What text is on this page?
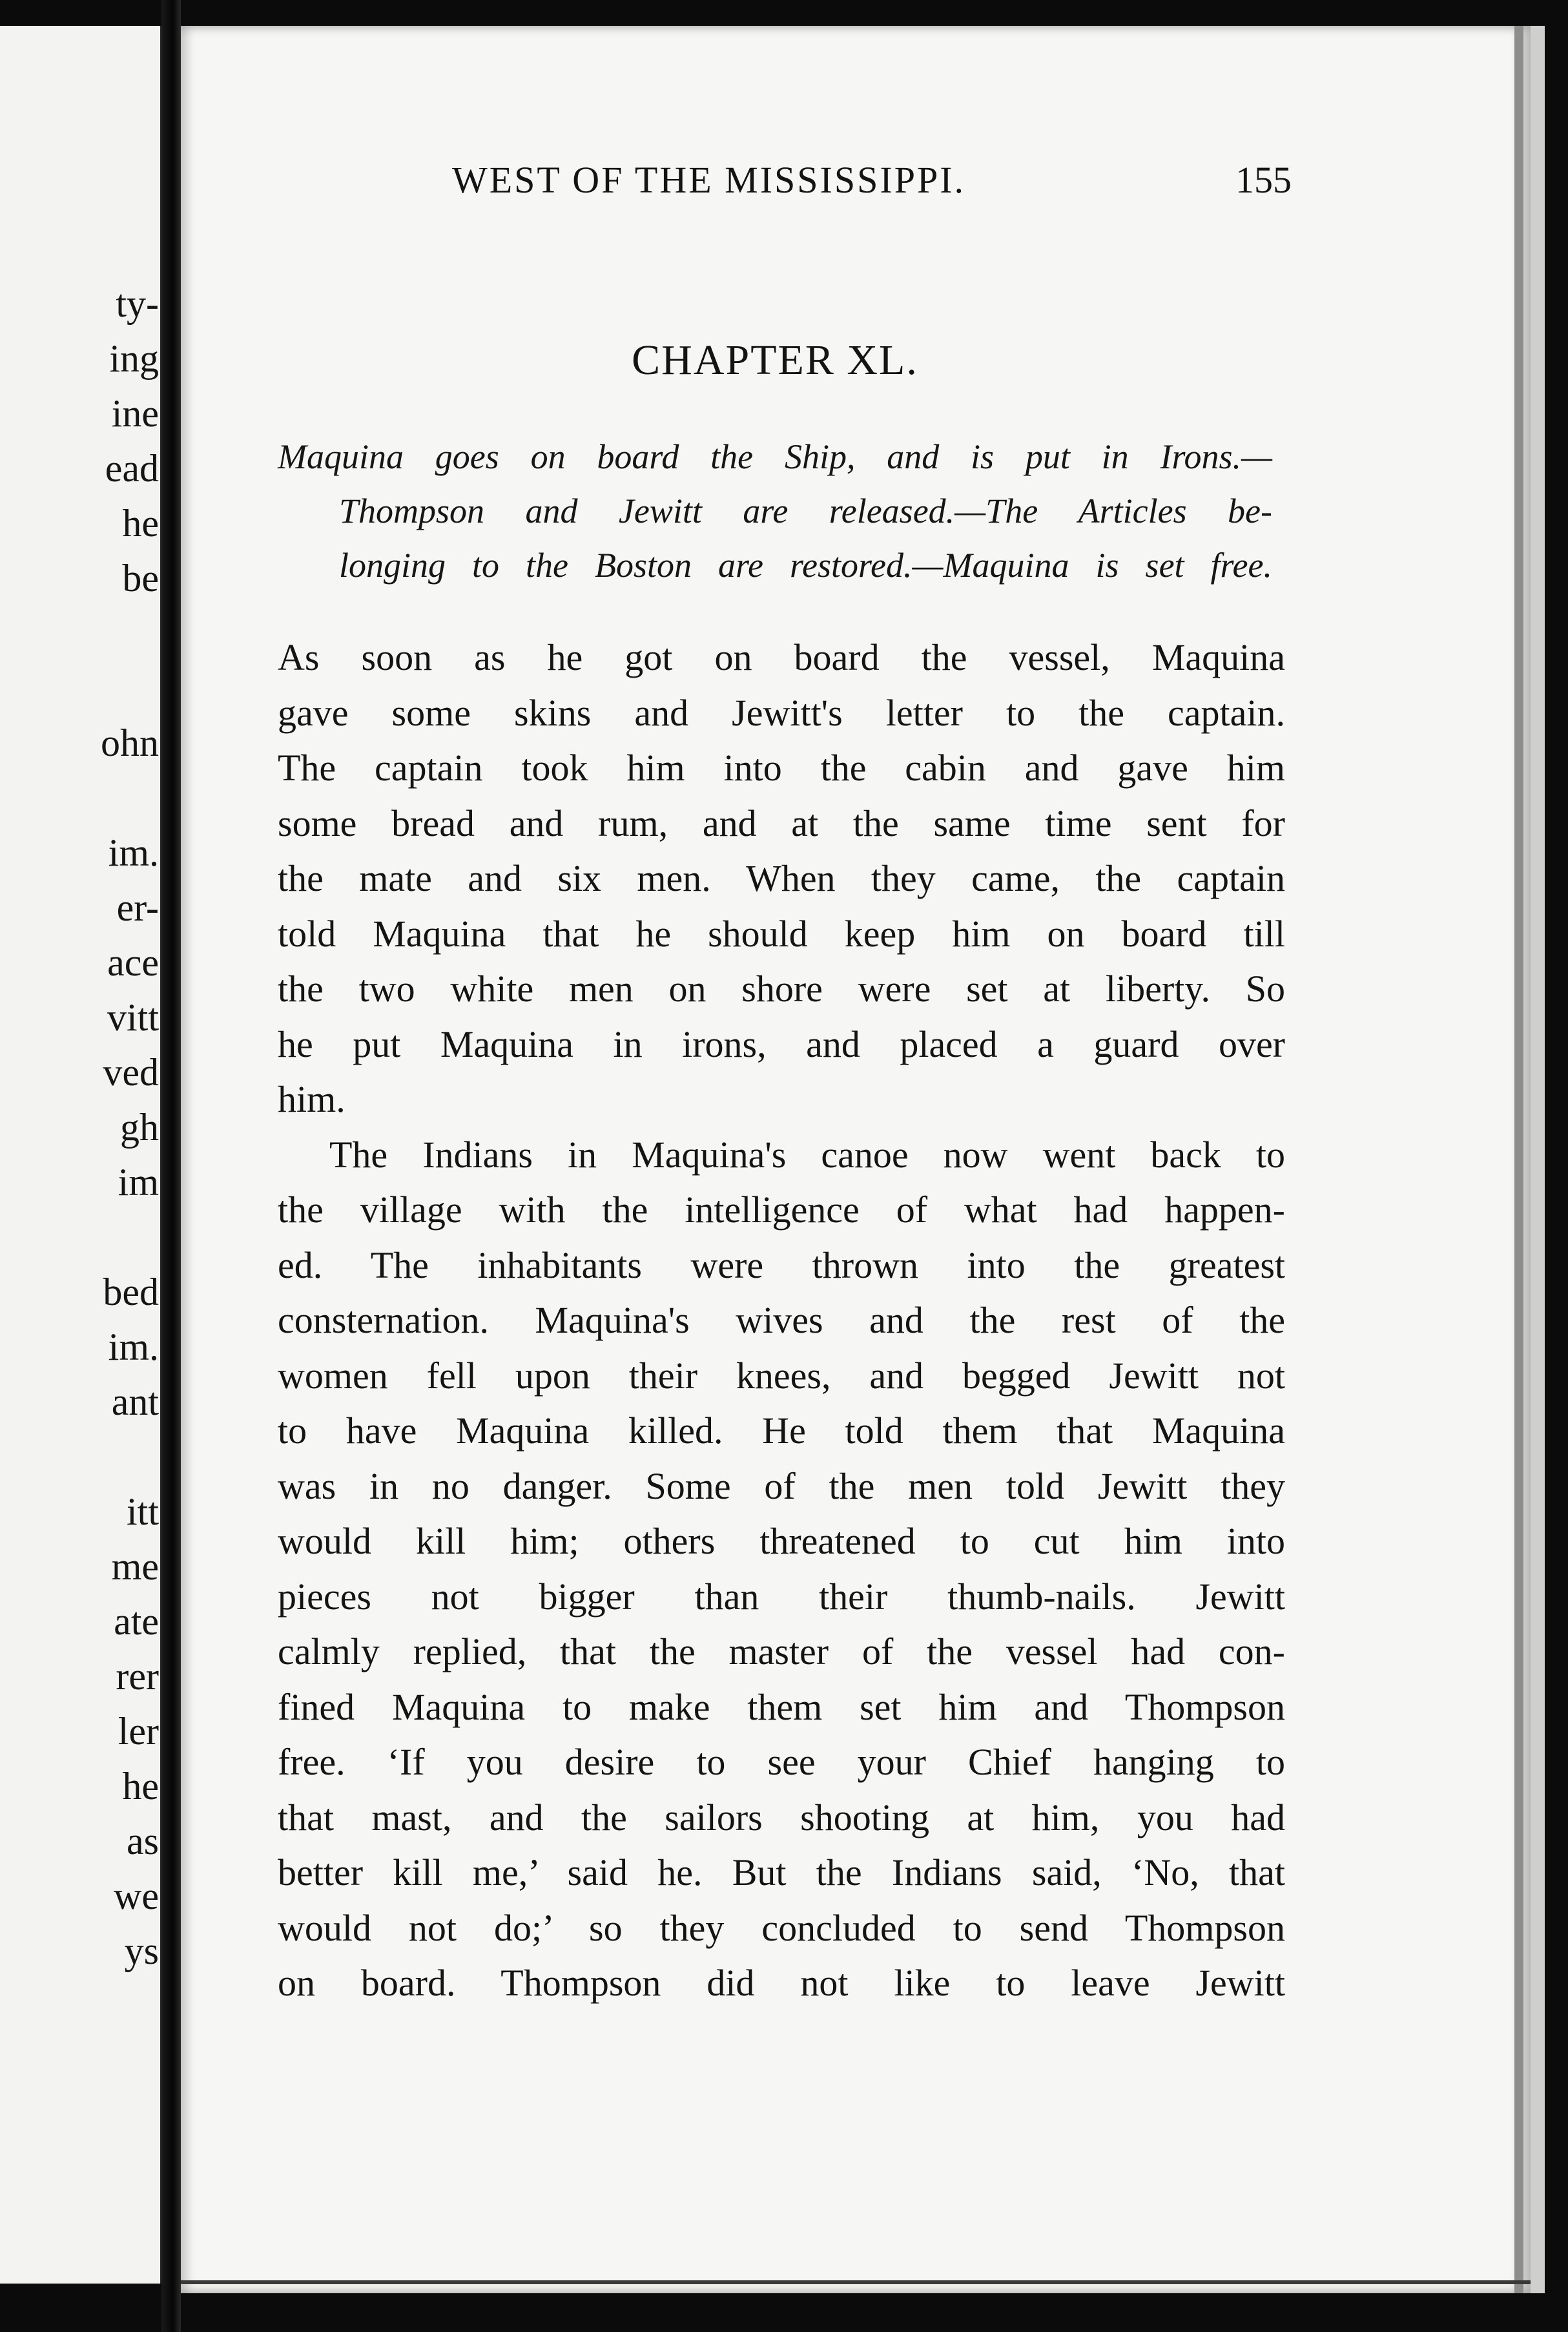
ty-
ing
ine
ead
he
be
ohn
im.
er-
ace
vitt
ved
gh
im
bed
im.
ant
itt
me
ate
rer
ler
he
as
we
ys
WEST OF THE MISSISSIPPI.	155
CHAPTER XL.
Maquina goes on board the Ship, and is put in Irons.—
Thompson and Jewitt are released.—The Articles be-
longing to the Boston are restored.—Maquina is set free.
As soon as he got on board the vessel, Maquina
gave some skins and Jewitt's letter to the captain.
The captain took him into the cabin and gave him
some bread and rum, and at the same time sent for
the mate and six men. When they came, the captain
told Maquina that he should keep him on board till
the two white men on shore were set at liberty. So
he put Maquina in irons, and placed a guard over
him.
The Indians in Maquina's canoe now went back to
the village with the intelligence of what had happen-
ed. The inhabitants were thrown into the greatest
consternation. Maquina's wives and the rest of the
women fell upon their knees, and begged Jewitt not
to have Maquina killed. He told them that Maquina
was in no danger. Some of the men told Jewitt they
would kill him; others threatened to cut him into
pieces not bigger than their thumb-nails. Jewitt
calmly replied, that the master of the vessel had con-
fined Maquina to make them set him and Thompson
free. ‘If you desire to see your Chief hanging to
that mast, and the sailors shooting at him, you had
better kill me,’ said he. But the Indians said, ‘No, that
would not do;’ so they concluded to send Thompson
on board. Thompson did not like to leave Jewitt
